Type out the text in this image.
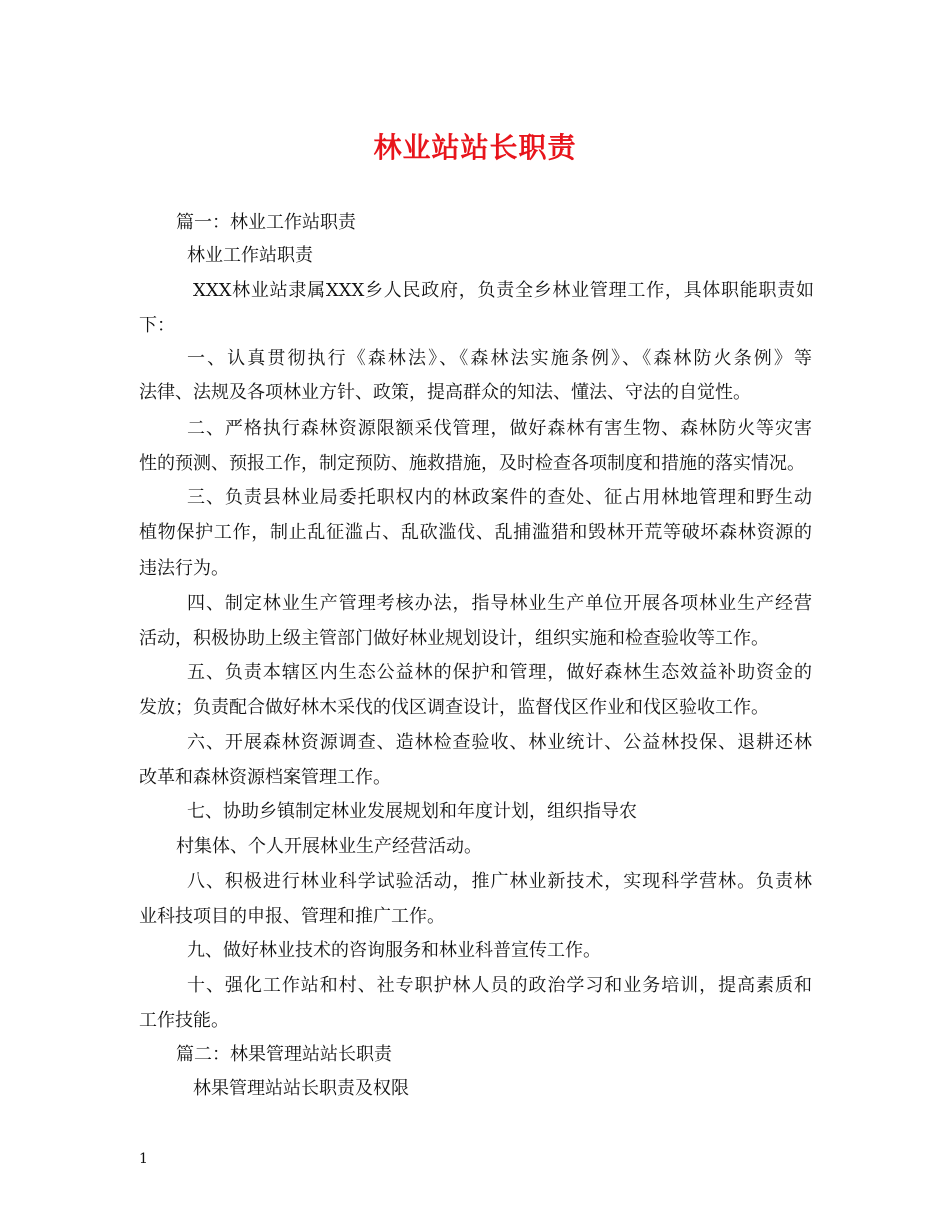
林业站站长职责
篇一：林业工作站职责
林业工作站职责
XXX林业站隶属XXX乡人民政府，负责全乡林业管理工作，具体职能职责如
下：
一、认真贯彻执行《森林法》、《森林法实施条例》、《森林防火条例》等
法律、法规及各项林业方针、政策，提高群众的知法、懂法、守法的自觉性。
二、严格执行森林资源限额采伐管理，做好森林有害生物、森林防火等灾害
性的预测、预报工作，制定预防、施救措施，及时检查各项制度和措施的落实情况。
三、负责县林业局委托职权内的林政案件的查处、征占用林地管理和野生动
植物保护工作，制止乱征滥占、乱砍滥伐、乱捕滥猎和毁林开荒等破坏森林资源的
违法行为。
四、制定林业生产管理考核办法，指导林业生产单位开展各项林业生产经营
活动，积极协助上级主管部门做好林业规划设计，组织实施和检查验收等工作。
五、负责本辖区内生态公益林的保护和管理，做好森林生态效益补助资金的
发放；负责配合做好林木采伐的伐区调查设计，监督伐区作业和伐区验收工作。
六、开展森林资源调查、造林检查验收、林业统计、公益林投保、退耕还林
改革和森林资源档案管理工作。
七、协助乡镇制定林业发展规划和年度计划，组织指导农
村集体、个人开展林业生产经营活动。
八、积极进行林业科学试验活动，推广林业新技术，实现科学营林。负责林
业科技项目的申报、管理和推广工作。
九、做好林业技术的咨询服务和林业科普宣传工作。
十、强化工作站和村、社专职护林人员的政治学习和业务培训，提高素质和
工作技能。
篇二：林果管理站站长职责
林果管理站站长职责及权限
1
